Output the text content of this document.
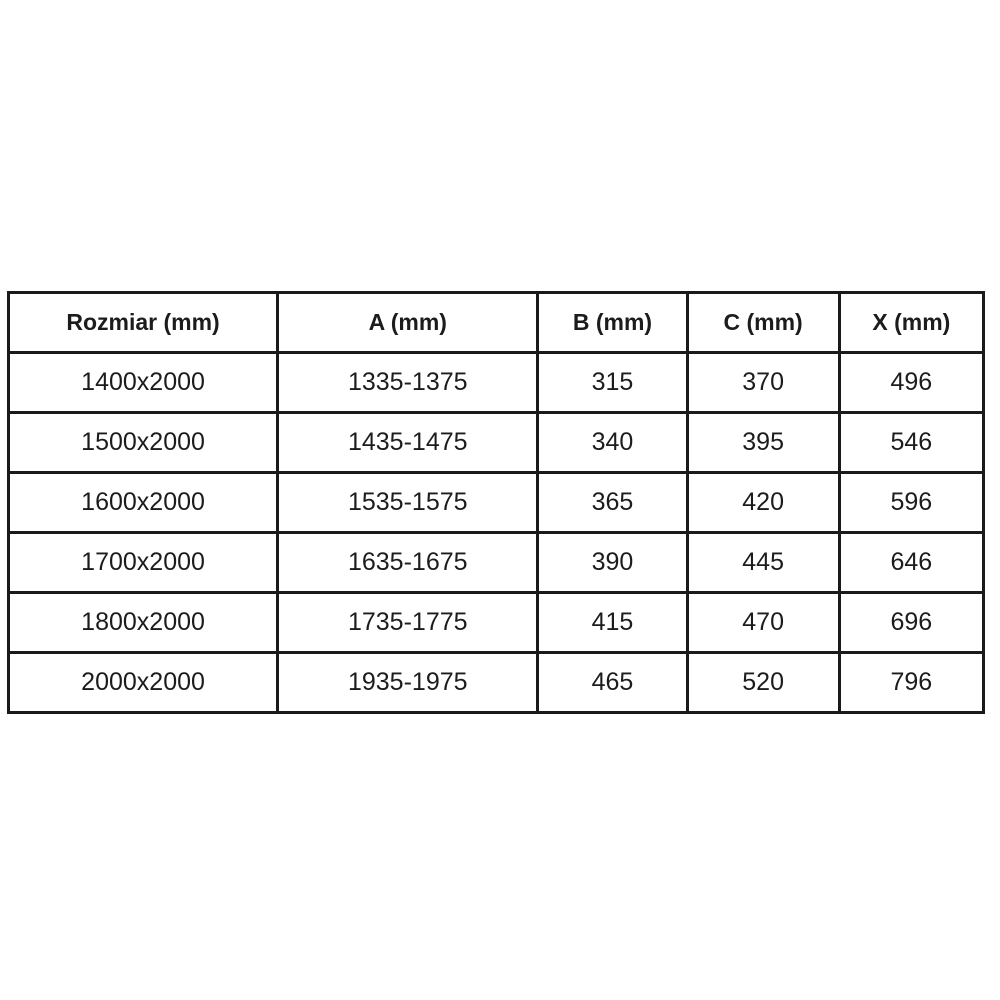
Rozmiar (mm)	A (mm)	B (mm)	C (mm)	X (mm)
1400x2000	1335-1375	315	370	496
1500x2000	1435-1475	340	395	546
1600x2000	1535-1575	365	420	596
1700x2000	1635-1675	390	445	646
1800x2000	1735-1775	415	470	696
2000x2000	1935-1975	465	520	796
